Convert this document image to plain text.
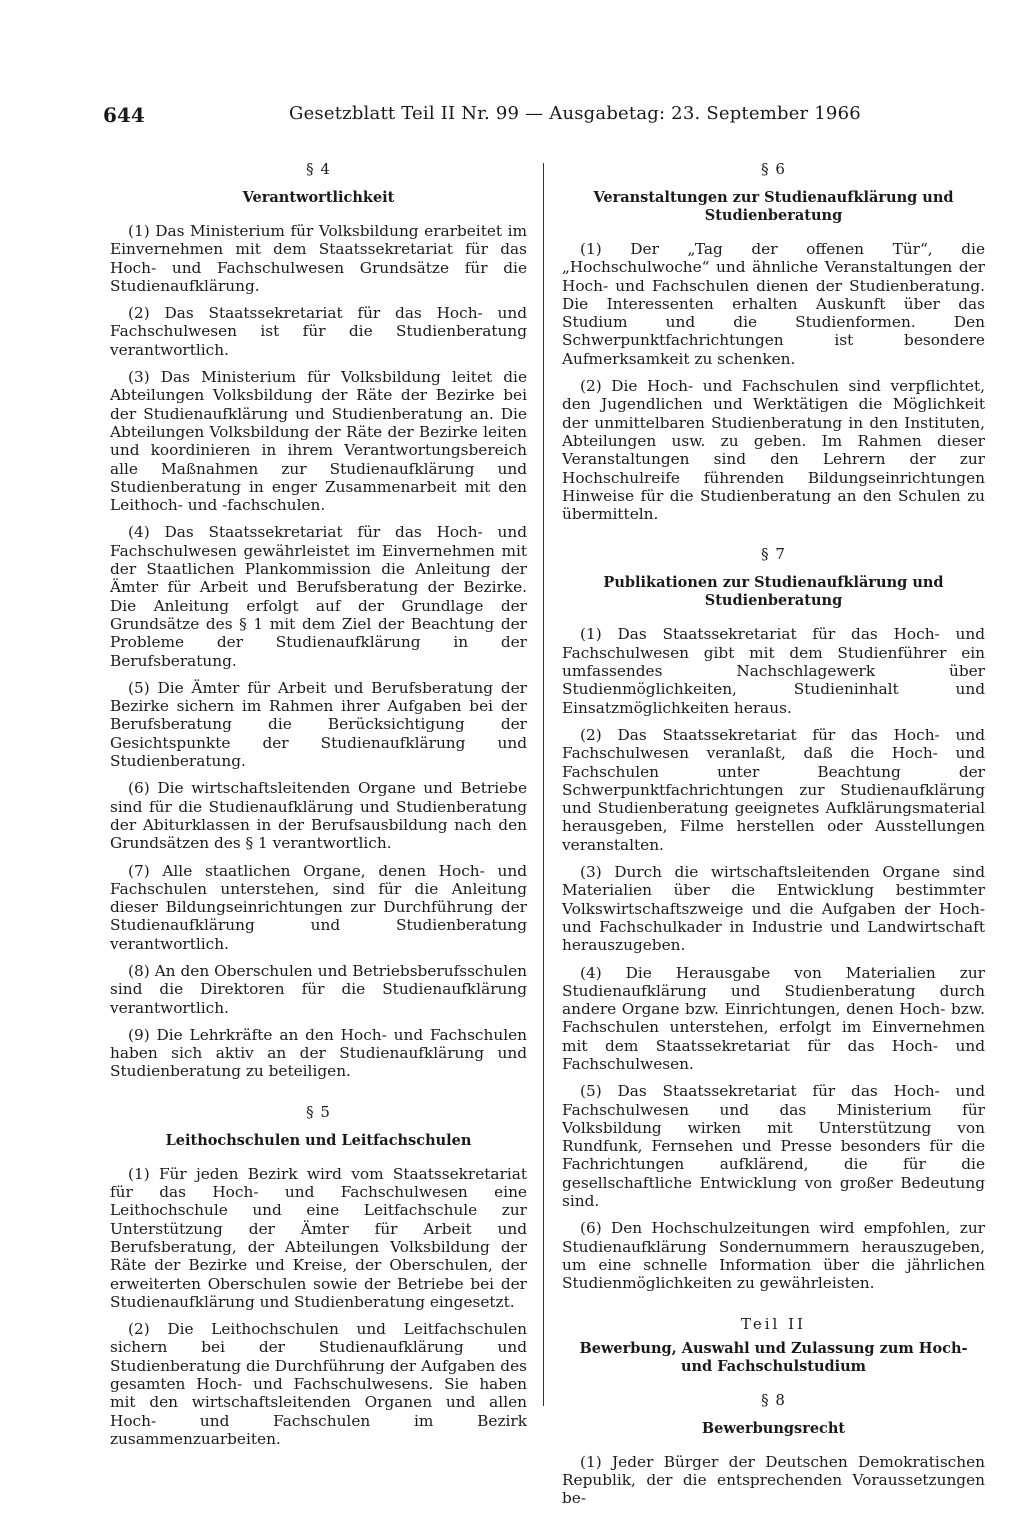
644	Gesetzblatt Teil II Nr. 99 — Ausgabetag: 23. September 1966
§ 4
Verantwortlichkeit

(1) Das Ministerium für Volksbildung erarbeitet im Einvernehmen mit dem Staatssekretariat für das Hoch- und Fachschulwesen Grundsätze für die Studienaufklärung.

(2) Das Staatssekretariat für das Hoch- und Fachschulwesen ist für die Studienberatung verantwortlich.

(3) Das Ministerium für Volksbildung leitet die Abteilungen Volksbildung der Räte der Bezirke bei der Studienaufklärung und Studienberatung an. Die Abteilungen Volksbildung der Räte der Bezirke leiten und koordinieren in ihrem Verantwortungsbereich alle Maßnahmen zur Studienaufklärung und Studienberatung in enger Zusammenarbeit mit den Leithoch- und -fachschulen.

(4) Das Staatssekretariat für das Hoch- und Fachschulwesen gewährleistet im Einvernehmen mit der Staatlichen Plankommission die Anleitung der Ämter für Arbeit und Berufsberatung der Bezirke. Die Anleitung erfolgt auf der Grundlage der Grundsätze des § 1 mit dem Ziel der Beachtung der Probleme der Studienaufklärung in der Berufsberatung.

(5) Die Ämter für Arbeit und Berufsberatung der Bezirke sichern im Rahmen ihrer Aufgaben bei der Berufsberatung die Berücksichtigung der Gesichtspunkte der Studienaufklärung und Studienberatung.

(6) Die wirtschaftsleitenden Organe und Betriebe sind für die Studienaufklärung und Studienberatung der Abiturklassen in der Berufsausbildung nach den Grundsätzen des § 1 verantwortlich.

(7) Alle staatlichen Organe, denen Hoch- und Fachschulen unterstehen, sind für die Anleitung dieser Bildungseinrichtungen zur Durchführung der Studienaufklärung und Studienberatung verantwortlich.

(8) An den Oberschulen und Betriebsberufsschulen sind die Direktoren für die Studienaufklärung verantwortlich.

(9) Die Lehrkräfte an den Hoch- und Fachschulen haben sich aktiv an der Studienaufklärung und Studienberatung zu beteiligen.

§ 5
Leithochschulen und Leitfachschulen

(1) Für jeden Bezirk wird vom Staatssekretariat für das Hoch- und Fachschulwesen eine Leithochschule und eine Leitfachschule zur Unterstützung der Ämter für Arbeit und Berufsberatung, der Abteilungen Volksbildung der Räte der Bezirke und Kreise, der Oberschulen, der erweiterten Oberschulen sowie der Betriebe bei der Studienaufklärung und Studienberatung eingesetzt.

(2) Die Leithochschulen und Leitfachschulen sichern bei der Studienaufklärung und Studienberatung die Durchführung der Aufgaben des gesamten Hoch- und Fachschulwesens. Sie haben mit den wirtschaftsleitenden Organen und allen Hoch- und Fachschulen im Bezirk zusammenzuarbeiten.

§ 6
Veranstaltungen zur Studienaufklärung und Studienberatung

(1) Der „Tag der offenen Tür“, die „Hochschulwoche“ und ähnliche Veranstaltungen der Hoch- und Fachschulen dienen der Studienberatung. Die Interessenten erhalten Auskunft über das Studium und die Studienformen. Den Schwerpunktfachrichtungen ist besondere Aufmerksamkeit zu schenken.

(2) Die Hoch- und Fachschulen sind verpflichtet, den Jugendlichen und Werktätigen die Möglichkeit der unmittelbaren Studienberatung in den Instituten, Abteilungen usw. zu geben. Im Rahmen dieser Veranstaltungen sind den Lehrern der zur Hochschulreife führenden Bildungseinrichtungen Hinweise für die Studienberatung an den Schulen zu übermitteln.

§ 7
Publikationen zur Studienaufklärung und Studienberatung

(1) Das Staatssekretariat für das Hoch- und Fachschulwesen gibt mit dem Studienführer ein umfassendes Nachschlagewerk über Studienmöglichkeiten, Studieninhalt und Einsatzmöglichkeiten heraus.

(2) Das Staatssekretariat für das Hoch- und Fachschulwesen veranlaßt, daß die Hoch- und Fachschulen unter Beachtung der Schwerpunktfachrichtungen zur Studienaufklärung und Studienberatung geeignetes Aufklärungsmaterial herausgeben, Filme herstellen oder Ausstellungen veranstalten.

(3) Durch die wirtschaftsleitenden Organe sind Materialien über die Entwicklung bestimmter Volkswirtschaftszweige und die Aufgaben der Hoch- und Fachschulkader in Industrie und Landwirtschaft herauszugeben.

(4) Die Herausgabe von Materialien zur Studienaufklärung und Studienberatung durch andere Organe bzw. Einrichtungen, denen Hoch- bzw. Fachschulen unterstehen, erfolgt im Einvernehmen mit dem Staatssekretariat für das Hoch- und Fachschulwesen.

(5) Das Staatssekretariat für das Hoch- und Fachschulwesen und das Ministerium für Volksbildung wirken mit Unterstützung von Rundfunk, Fernsehen und Presse besonders für die Fachrichtungen aufklärend, die für die gesellschaftliche Entwicklung von großer Bedeutung sind.

(6) Den Hochschulzeitungen wird empfohlen, zur Studienaufklärung Sondernummern herauszugeben, um eine schnelle Information über die jährlichen Studienmöglichkeiten zu gewährleisten.

Teil II
Bewerbung, Auswahl und Zulassung zum Hoch- und Fachschulstudium
§ 8
Bewerbungsrecht

(1) Jeder Bürger der Deutschen Demokratischen Republik, der die entsprechenden Voraussetzungen be-
